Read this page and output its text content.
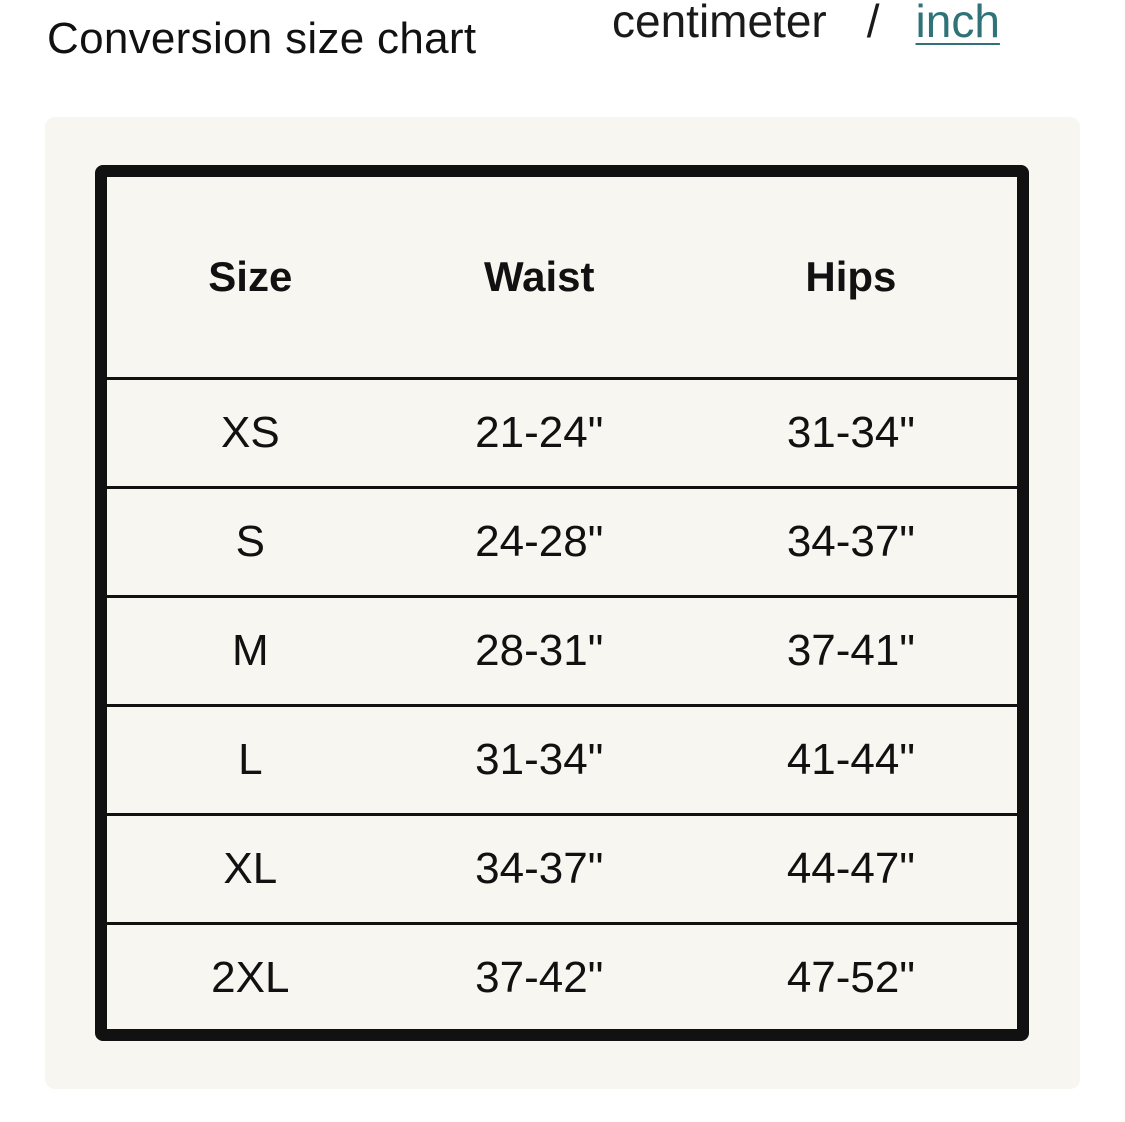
Conversion size chart	centimeter / inch
Size	Waist	Hips
XS	21-24"	31-34"
S	24-28"	34-37"
M	28-31"	37-41"
L	31-34"	41-44"
XL	34-37"	44-47"
2XL	37-42"	47-52"
